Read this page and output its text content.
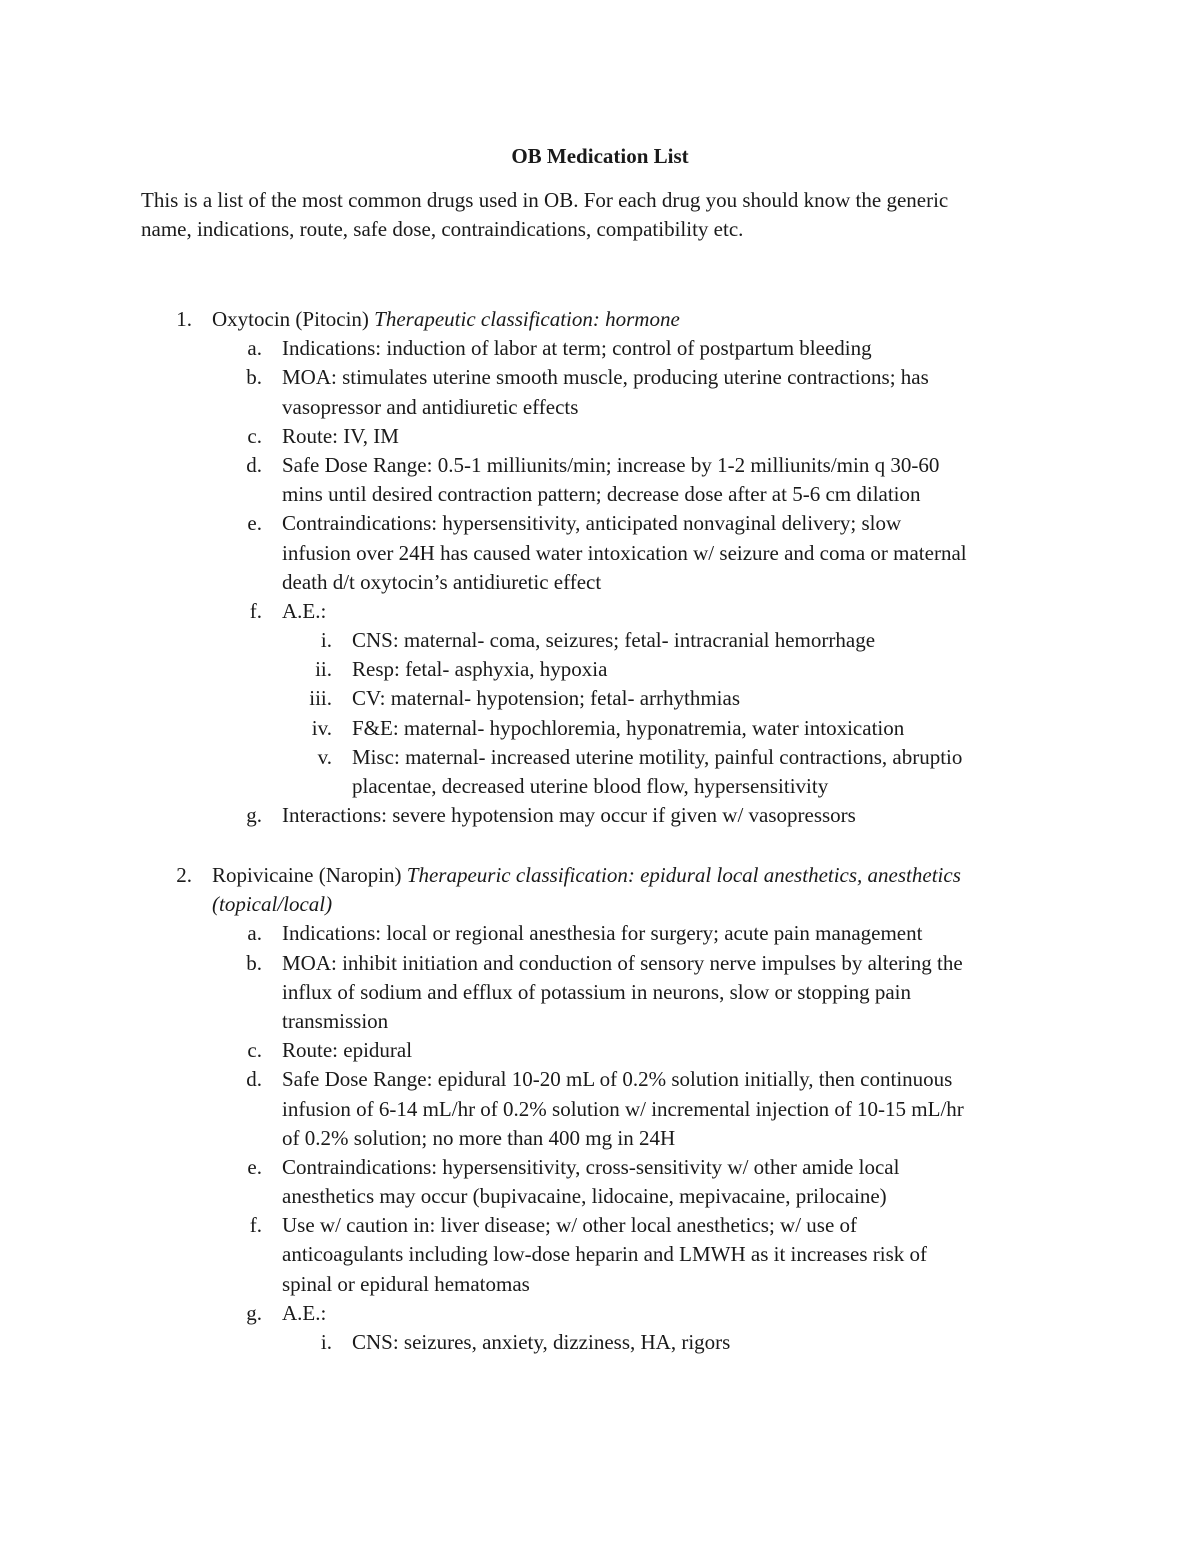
OB Medication List
This is a list of the most common drugs used in OB. For each drug you should know the generic
name, indications, route, safe dose, contraindications, compatibility etc.
1. Oxytocin (Pitocin) Therapeutic classification: hormone
a. Indications: induction of labor at term; control of postpartum bleeding
b. MOA: stimulates uterine smooth muscle, producing uterine contractions; has
vasopressor and antidiuretic effects
c. Route: IV, IM
d. Safe Dose Range: 0.5-1 milliunits/min; increase by 1-2 milliunits/min q 30-60
mins until desired contraction pattern; decrease dose after at 5-6 cm dilation
e. Contraindications: hypersensitivity, anticipated nonvaginal delivery; slow
infusion over 24H has caused water intoxication w/ seizure and coma or maternal
death d/t oxytocin’s antidiuretic effect
f. A.E.:
i. CNS: maternal- coma, seizures; fetal- intracranial hemorrhage
ii. Resp: fetal- asphyxia, hypoxia
iii. CV: maternal- hypotension; fetal- arrhythmias
iv. F&E: maternal- hypochloremia, hyponatremia, water intoxication
v. Misc: maternal- increased uterine motility, painful contractions, abruptio
placentae, decreased uterine blood flow, hypersensitivity
g. Interactions: severe hypotension may occur if given w/ vasopressors
2. Ropivicaine (Naropin) Therapeuric classification: epidural local anesthetics, anesthetics
(topical/local)
a. Indications: local or regional anesthesia for surgery; acute pain management
b. MOA: inhibit initiation and conduction of sensory nerve impulses by altering the
influx of sodium and efflux of potassium in neurons, slow or stopping pain
transmission
c. Route: epidural
d. Safe Dose Range: epidural 10-20 mL of 0.2% solution initially, then continuous
infusion of 6-14 mL/hr of 0.2% solution w/ incremental injection of 10-15 mL/hr
of 0.2% solution; no more than 400 mg in 24H
e. Contraindications: hypersensitivity, cross-sensitivity w/ other amide local
anesthetics may occur (bupivacaine, lidocaine, mepivacaine, prilocaine)
f. Use w/ caution in: liver disease; w/ other local anesthetics; w/ use of
anticoagulants including low-dose heparin and LMWH as it increases risk of
spinal or epidural hematomas
g. A.E.:
i. CNS: seizures, anxiety, dizziness, HA, rigors
